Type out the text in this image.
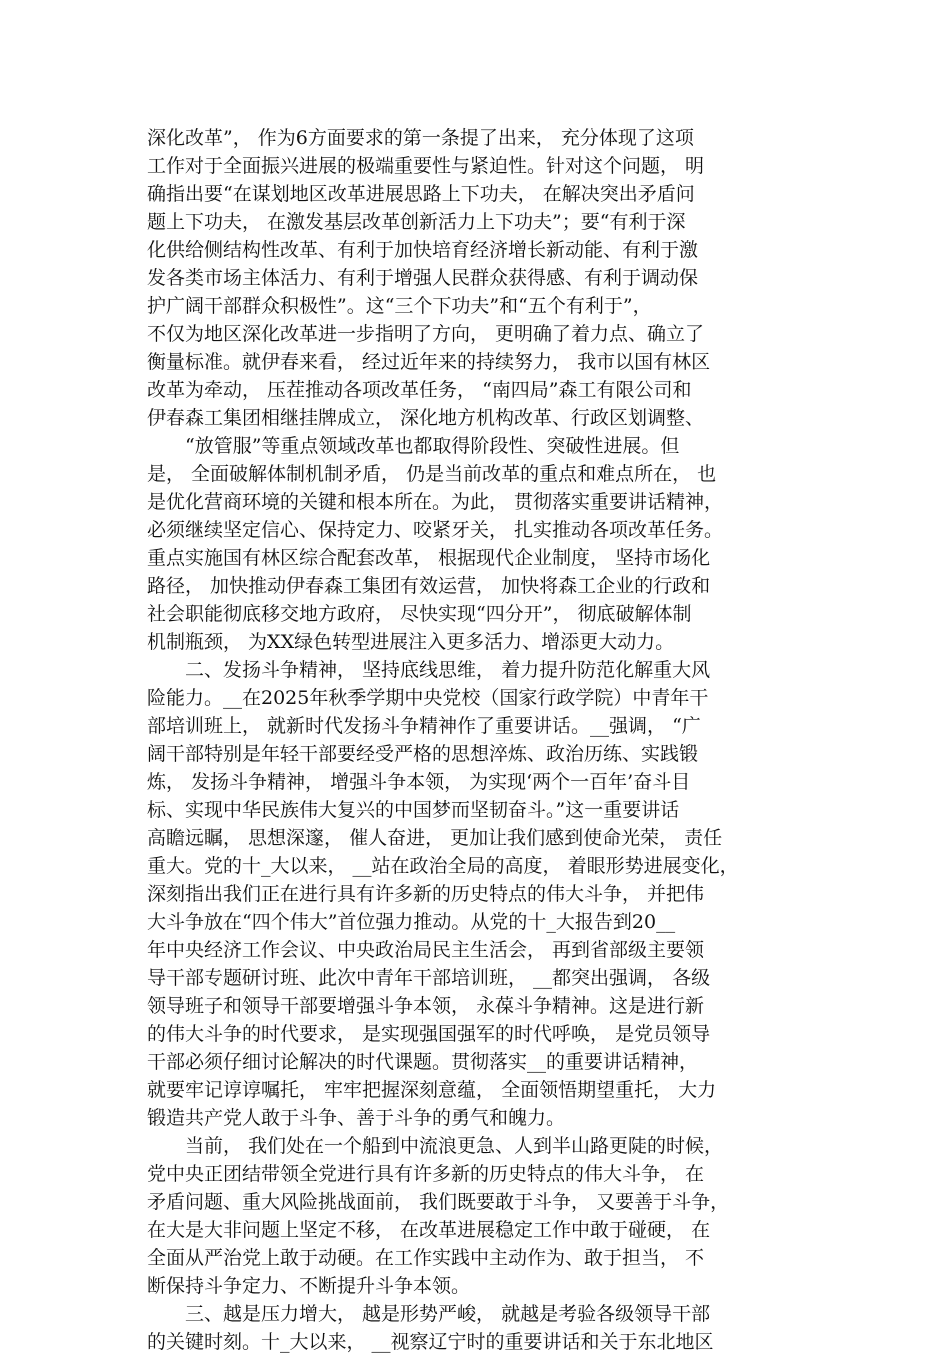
深化改革”， 作为6方面要求的第一条提了出来， 充分体现了这项
工作对于全面振兴进展的极端重要性与紧迫性。针对这个问题， 明
确指出要“在谋划地区改革进展思路上下功夫， 在解决突出矛盾问
题上下功夫， 在激发基层改革创新活力上下功夫”；要“有利于深
化供给侧结构性改革、有利于加快培育经济增长新动能、有利于激
发各类市场主体活力、有利于增强人民群众获得感、有利于调动保
护广阔干部群众积极性”。这“三个下功夫”和“五个有利于”，
不仅为地区深化改革进一步指明了方向， 更明确了着力点、确立了
衡量标准。就伊春来看， 经过近年来的持续努力， 我市以国有林区
改革为牵动， 压茬推动各项改革任务， “南四局”森工有限公司和
伊春森工集团相继挂牌成立， 深化地方机构改革、行政区划调整、
“放管服”等重点领域改革也都取得阶段性、突破性进展。但
是， 全面破解体制机制矛盾， 仍是当前改革的重点和难点所在， 也
是优化营商环境的关键和根本所在。为此， 贯彻落实重要讲话精神，
必须继续坚定信心、保持定力、咬紧牙关， 扎实推动各项改革任务。
重点实施国有林区综合配套改革， 根据现代企业制度， 坚持市场化
路径， 加快推动伊春森工集团有效运营， 加快将森工企业的行政和
社会职能彻底移交地方政府， 尽快实现“四分开”， 彻底破解体制
机制瓶颈， 为XX绿色转型进展注入更多活力、增添更大动力。
二、发扬斗争精神， 坚持底线思维， 着力提升防范化解重大风
险能力。__在2025年秋季学期中央党校（国家行政学院）中青年干
部培训班上， 就新时代发扬斗争精神作了重要讲话。__强调， “广
阔干部特别是年轻干部要经受严格的思想淬炼、政治历练、实践锻
炼， 发扬斗争精神， 增强斗争本领， 为实现‘两个一百年’奋斗目
标、实现中华民族伟大复兴的中国梦而坚韧奋斗。”这一重要讲话
高瞻远瞩， 思想深邃， 催人奋进， 更加让我们感到使命光荣， 责任
重大。党的十_大以来， __站在政治全局的高度， 着眼形势进展变化，
深刻指出我们正在进行具有许多新的历史特点的伟大斗争， 并把伟
大斗争放在“四个伟大”首位强力推动。从党的十_大报告到20__
年中央经济工作会议、中央政治局民主生活会， 再到省部级主要领
导干部专题研讨班、此次中青年干部培训班， __都突出强调， 各级
领导班子和领导干部要增强斗争本领， 永葆斗争精神。这是进行新
的伟大斗争的时代要求， 是实现强国强军的时代呼唤， 是党员领导
干部必须仔细讨论解决的时代课题。贯彻落实__的重要讲话精神，
就要牢记谆谆嘱托， 牢牢把握深刻意蕴， 全面领悟期望重托， 大力
锻造共产党人敢于斗争、善于斗争的勇气和魄力。
当前， 我们处在一个船到中流浪更急、人到半山路更陡的时候，
党中央正团结带领全党进行具有许多新的历史特点的伟大斗争， 在
矛盾问题、重大风险挑战面前， 我们既要敢于斗争， 又要善于斗争，
在大是大非问题上坚定不移， 在改革进展稳定工作中敢于碰硬， 在
全面从严治党上敢于动硬。在工作实践中主动作为、敢于担当， 不
断保持斗争定力、不断提升斗争本领。
三、越是压力增大， 越是形势严峻， 就越是考验各级领导干部
的关键时刻。十_大以来， __视察辽宁时的重要讲话和关于东北地区
